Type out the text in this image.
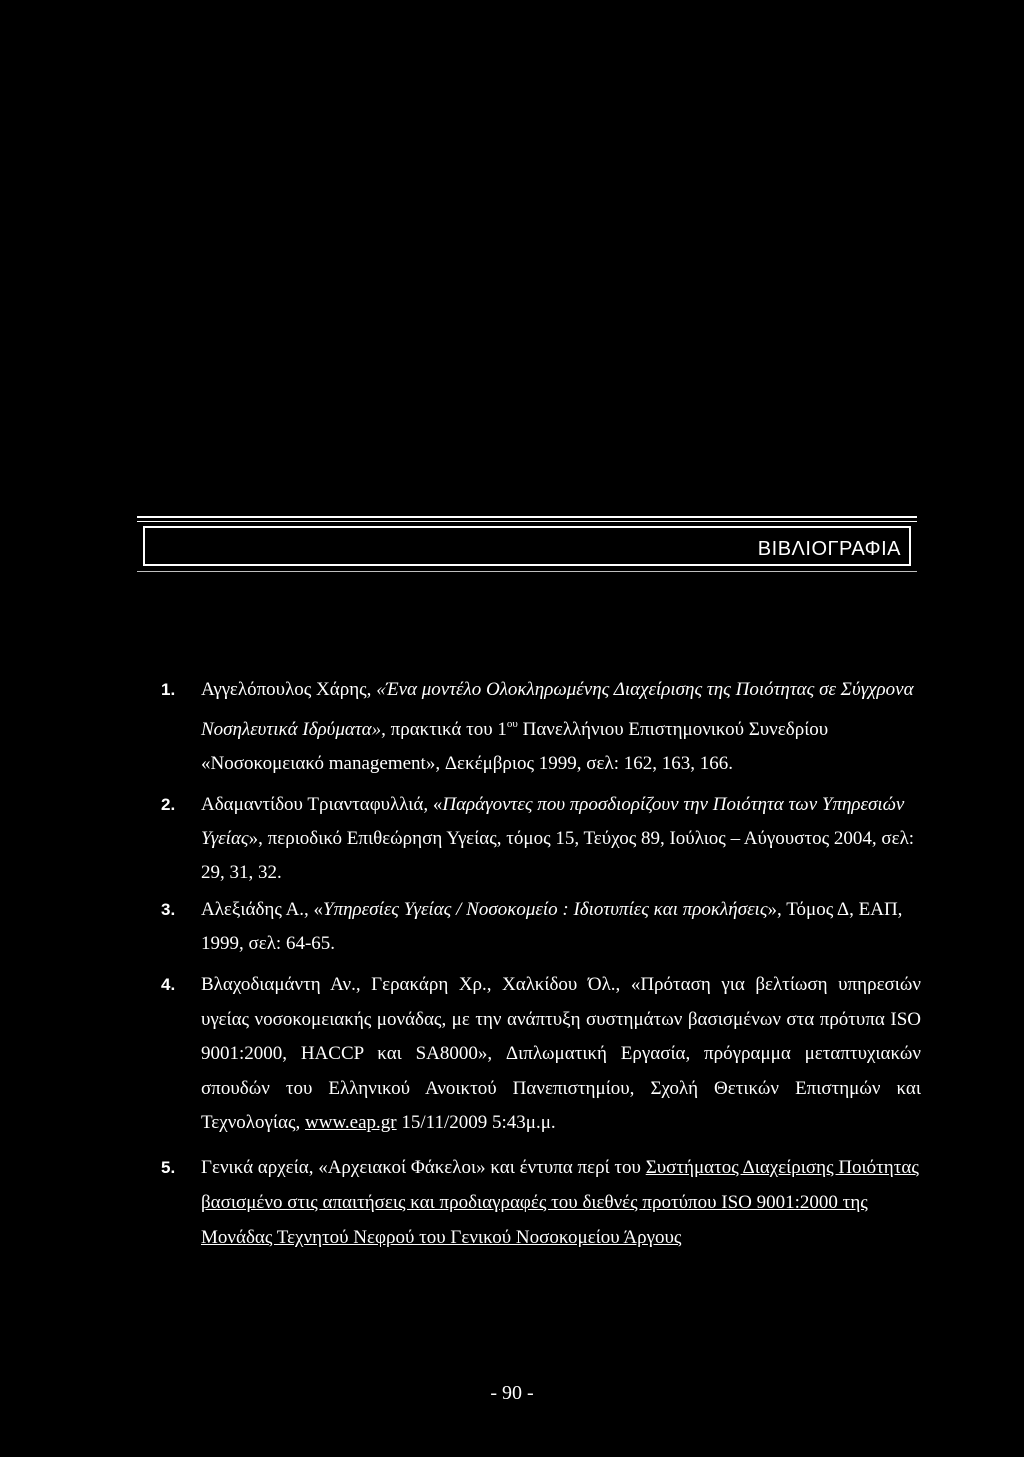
ΒΙΒΛΙΟΓΡΑΦΙΑ
1. Αγγελόπουλος Χάρης, «Ένα μοντέλο Ολοκληρωμένης Διαχείρισης της Ποιότητας σε Σύγχρονα Νοσηλευτικά Ιδρύματα», πρακτικά του $1^{o\upsilon}$ Πανελλήνιου Επιστημονικού Συνεδρίου «Νοσοκομειακό management», Δεκέμβριος 1999, σελ: 162, 163, 166.
2. Αδαμαντίδου Τριανταφυλλιά, «Παράγοντες που προσδιορίζουν την Ποιότητα των Υπηρεσιών Υγείας», περιοδικό Επιθεώρηση Υγείας, τόμος 15, Τεύχος 89, Ιούλιος – Αύγουστος 2004, σελ: 29, 31, 32.
3. Αλεξιάδης Α., «Υπηρεσίες Υγείας / Νοσοκομείο : Ιδιοτυπίες και προκλήσεις», Τόμος Δ, ΕΑΠ, 1999, σελ: 64-65.
4. Βλαχοδιαμάντη Αν., Γερακάρη Χρ., Χαλκίδου Όλ., «Πρόταση για βελτίωση υπηρεσιών υγείας νοσοκομειακής μονάδας, με την ανάπτυξη συστημάτων βασισμένων στα πρότυπα ISO 9001:2000, HACCP και SA8000», Διπλωματική Εργασία, πρόγραμμα μεταπτυχιακών σπουδών του Ελληνικού Ανοικτού Πανεπιστημίου, Σχολή Θετικών Επιστημών και Τεχνολογίας, www.eap.gr 15/11/2009 5:43μ.μ.
5. Γενικά αρχεία, «Αρχειακοί Φάκελοι» και έντυπα περί του Συστήματος Διαχείρισης Ποιότητας βασισμένο στις απαιτήσεις και προδιαγραφές του διεθνές προτύπου ISO 9001:2000 της Μονάδας Τεχνητού Νεφρού του Γενικού Νοσοκομείου Άργους
- 90 -
